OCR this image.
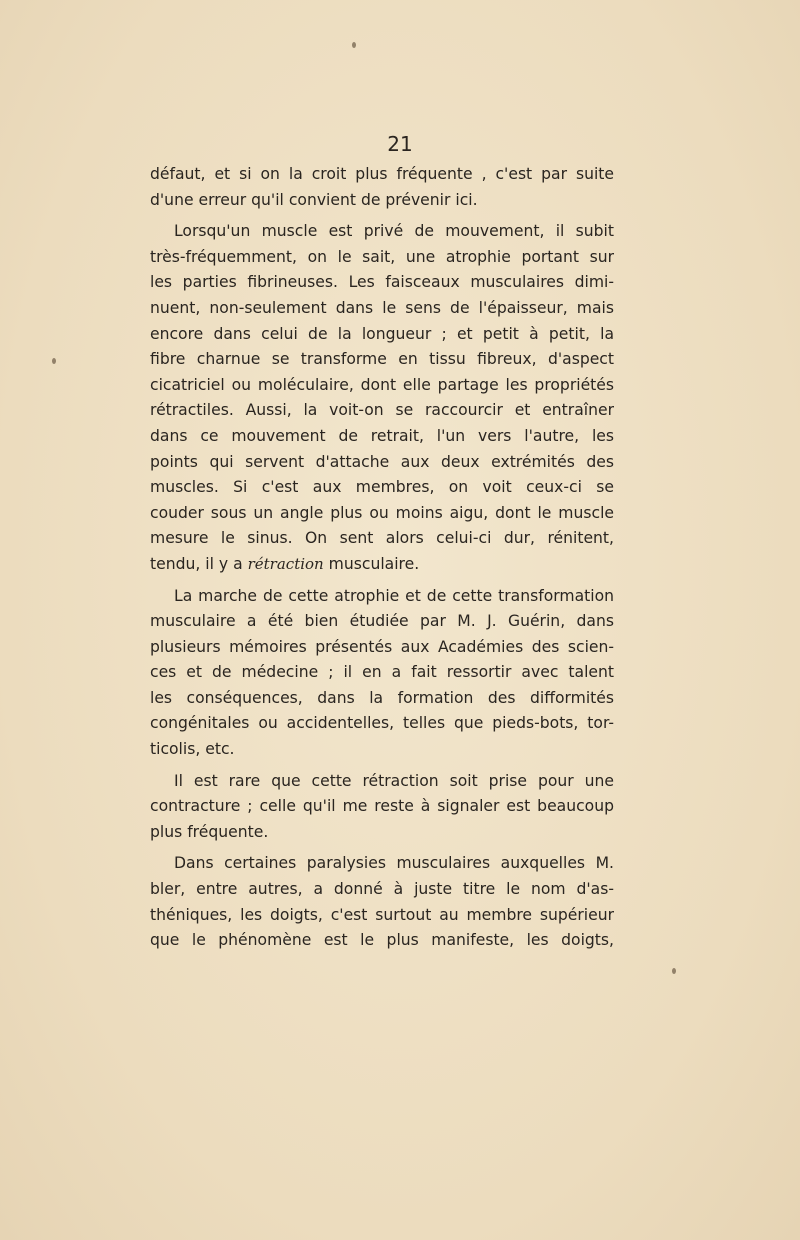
21
défaut, et si on la croit plus fréquente , c'est par suite
d'une erreur qu'il convient de prévenir ici.
Lorsqu'un muscle est privé de mouvement, il subit
très-fréquemment, on le sait, une atrophie portant sur
les parties fibrineuses. Les faisceaux musculaires dimi-
nuent, non-seulement dans le sens de l'épaisseur, mais
encore dans celui de la longueur ; et petit à petit, la
fibre charnue se transforme en tissu fibreux, d'aspect
cicatriciel ou moléculaire, dont elle partage les propriétés
rétractiles. Aussi, la voit-on se raccourcir et entraîner
dans ce mouvement de retrait, l'un vers l'autre, les
points qui servent d'attache aux deux extrémités des
muscles. Si c'est aux membres, on voit ceux-ci se
couder sous un angle plus ou moins aigu, dont le muscle
mesure le sinus. On sent alors celui-ci dur, rénitent,
tendu, il y a rétraction musculaire.
La marche de cette atrophie et de cette transformation
musculaire a été bien étudiée par M. J. Guérin, dans
plusieurs mémoires présentés aux Académies des scien-
ces et de médecine ; il en a fait ressortir avec talent
les conséquences, dans la formation des difformités
congénitales ou accidentelles, telles que pieds-bots, tor-
ticolis, etc.
Il est rare que cette rétraction soit prise pour une
contracture ; celle qu'il me reste à signaler est beaucoup
plus fréquente.
Dans certaines paralysies musculaires auxquelles M.
bler, entre autres, a donné à juste titre le nom d'as-
théniques, les doigts, c'est surtout au membre supérieur
que le phénomène est le plus manifeste, les doigts,
